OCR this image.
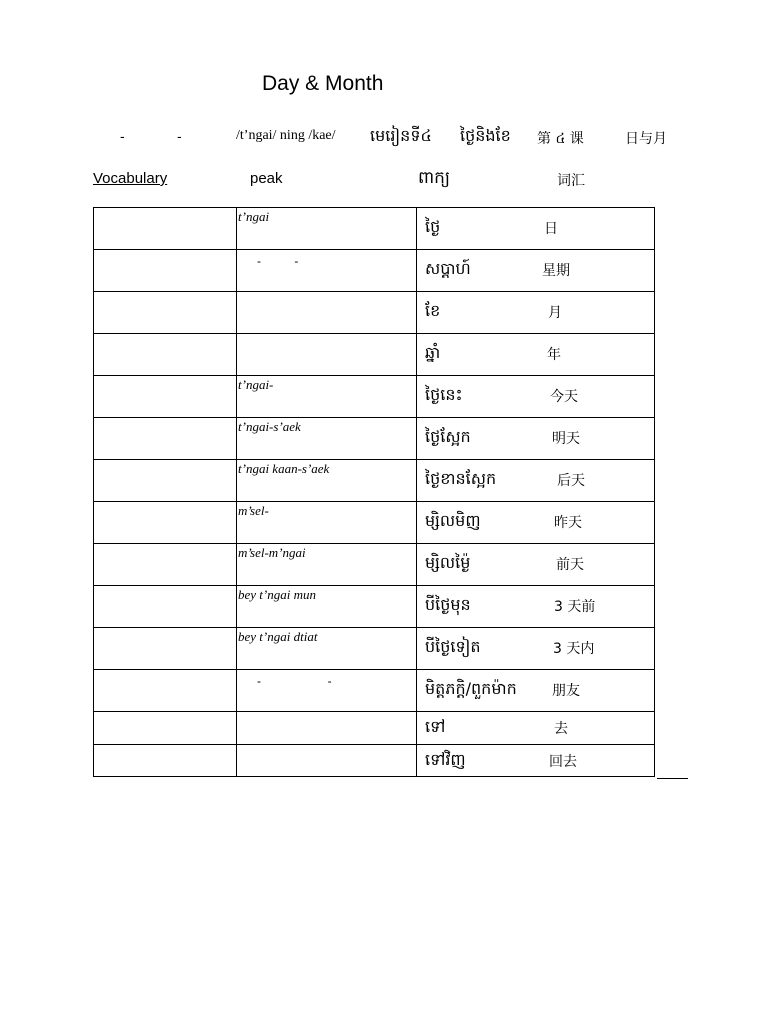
Day & Month
-	-	/t’ngai/ ning /kae/ មេរៀនទី៤ ថ្ងៃនិងខែ 第 ៤ 课	日与月
Vocabulary	peak	ពាក្យ	词汇

	t’ngai	ថ្ងៃ 日

	-          -	សប្ដាហ៍ 星期

		ខែ 月

		ឆ្នាំ 年

	t’ngai-	ថ្ងៃនេះ 今天

	t’ngai-s’aek	ថ្ងៃស្អែក 明天

	t’ngai kaan-s’aek	ថ្ងៃខានស្អែក 后天

	m’sel-	ម្សិលមិញ 昨天

	m’sel-m’ngai	ម្សិលម្ង៉ៃ 前天

	bey t’ngai mun	បីថ្ងៃមុន 3 天前

	bey t’ngai dtiat	បីថ្ងៃទៀត 3 天内

	-                    -	មិត្តភក្តិ/ពួកម៉ាក 朋友

		ទៅ 去

		ទៅវិញ 回去
